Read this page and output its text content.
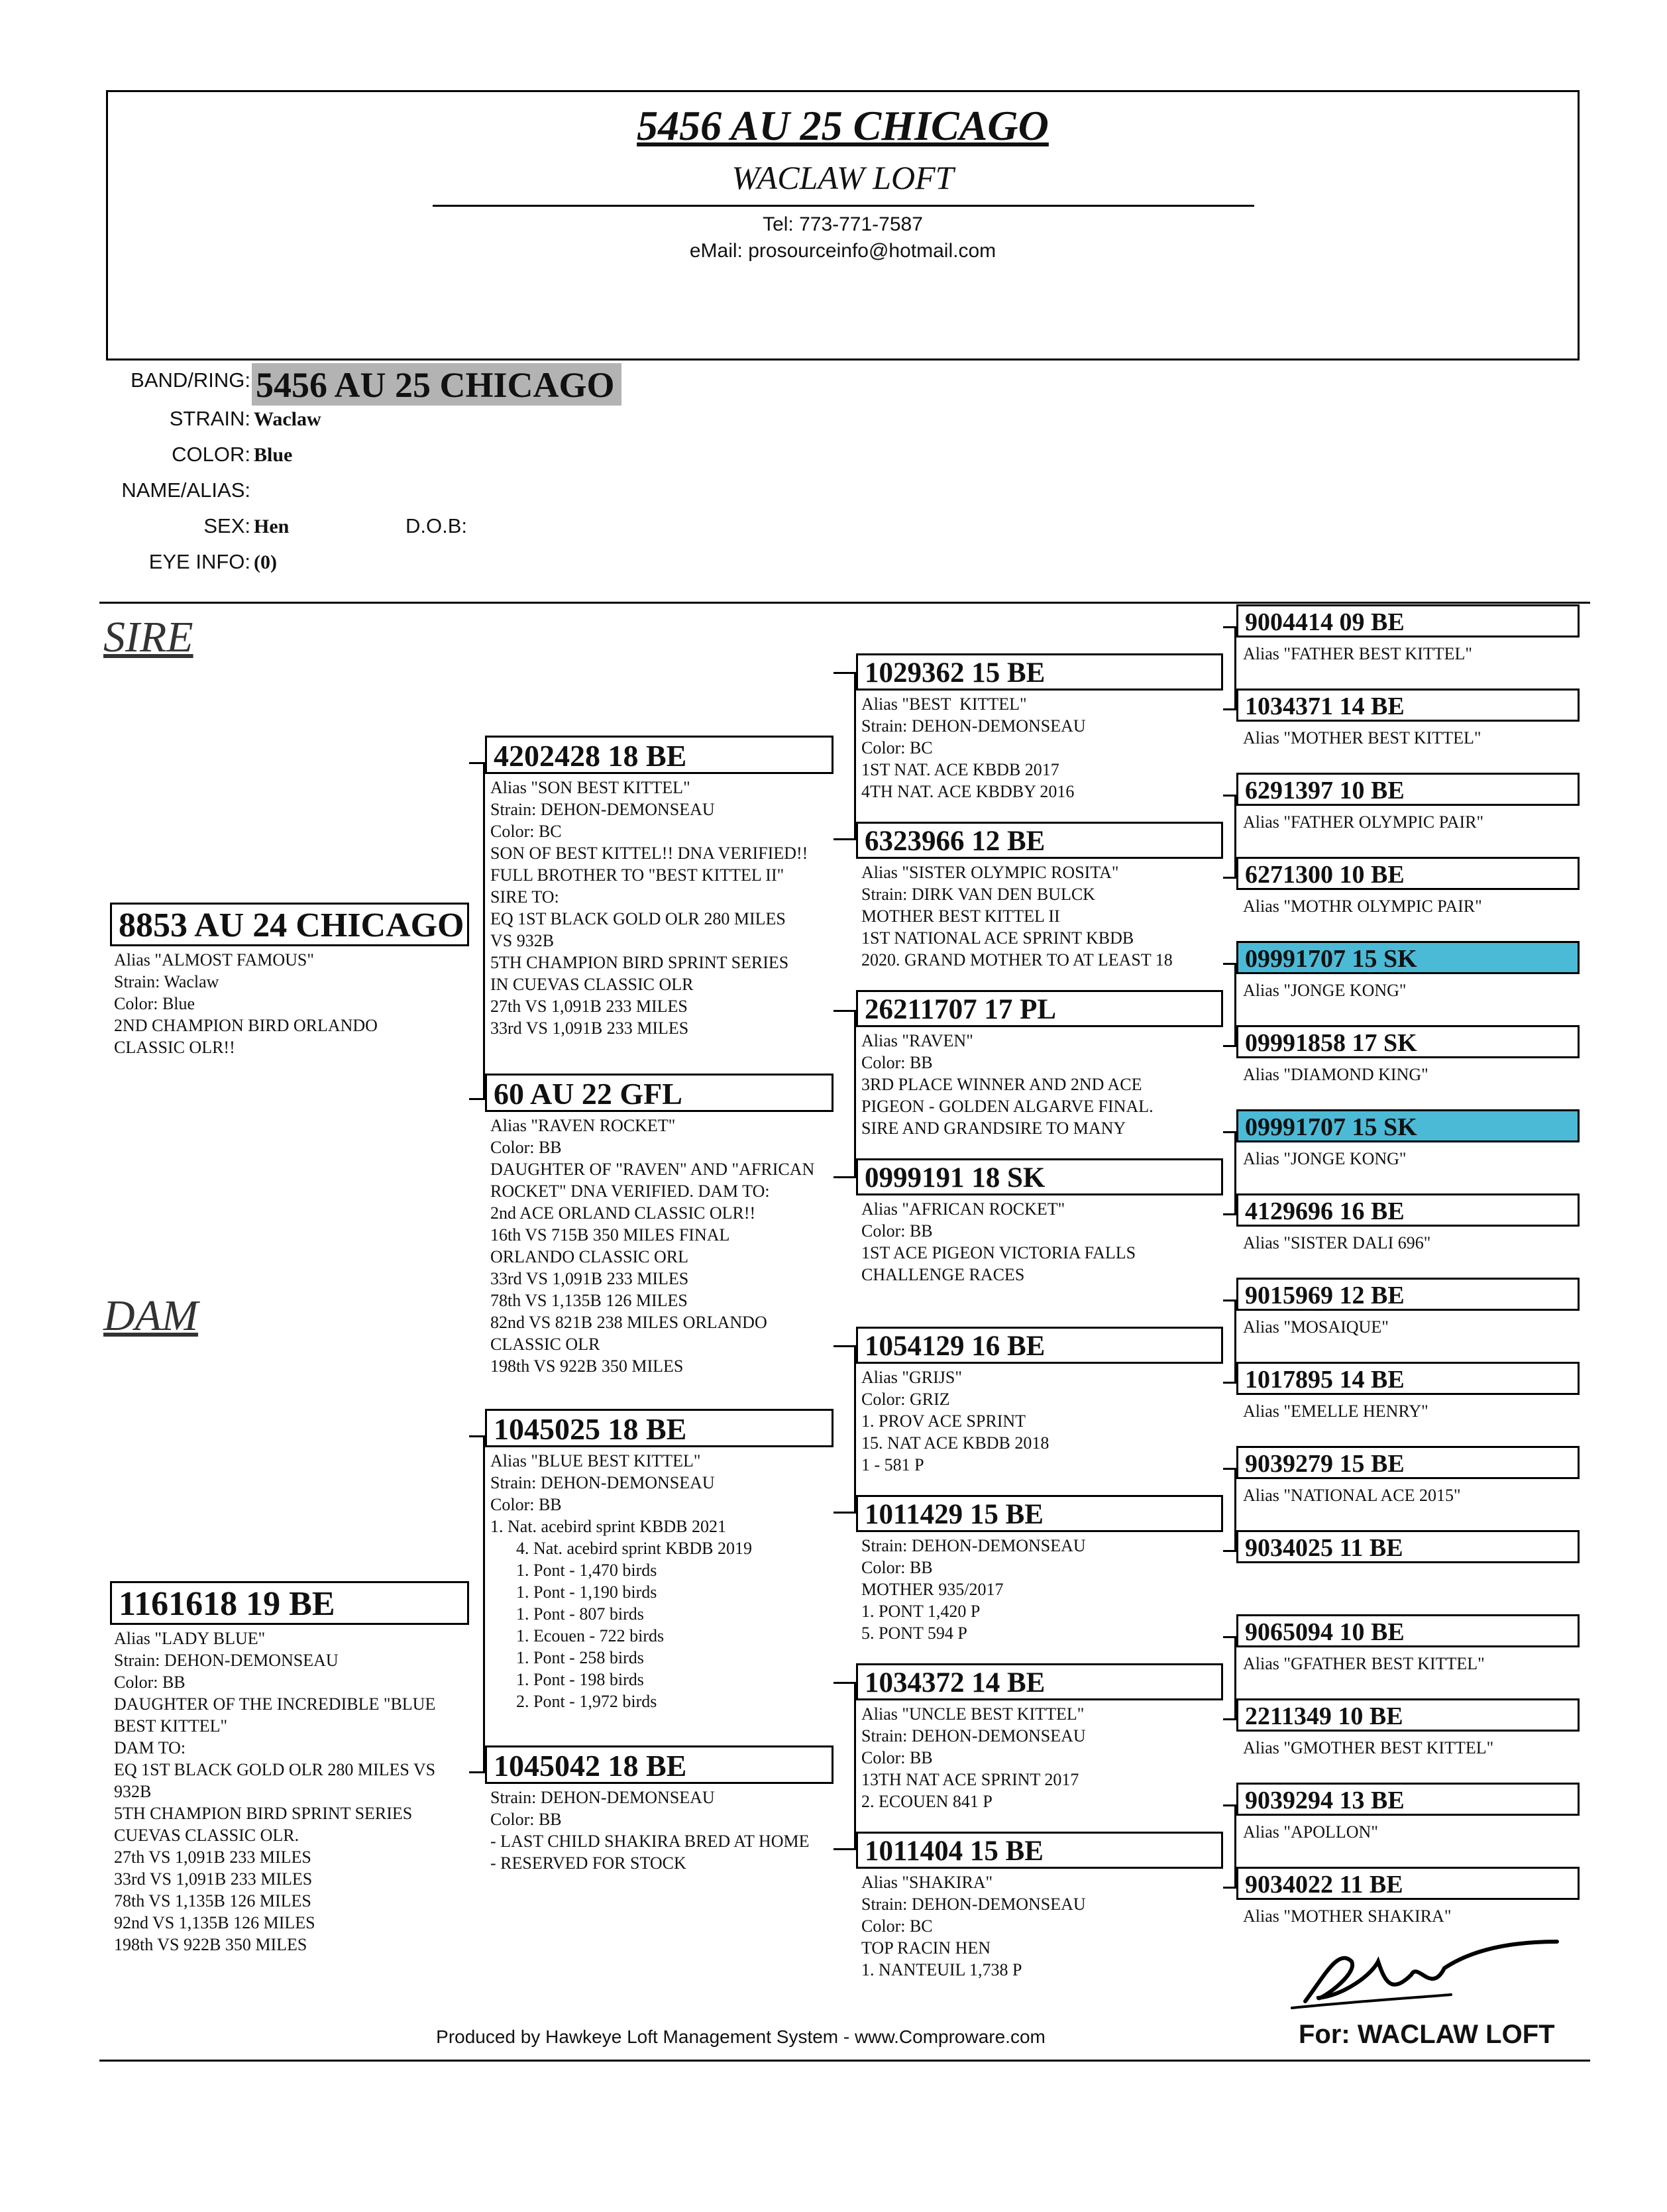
5456 AU 25 CHICAGO
WACLAW LOFT
Tel: 773-771-7587
eMail: prosourceinfo@hotmail.com
BAND/RING: 5456 AU 25 CHICAGO
STRAIN: Waclaw
COLOR: Blue
NAME/ALIAS:
SEX: Hen	D.O.B:
EYE INFO: (0)
SIRE
DAM
8853 AU 24 CHICAGO
Alias "ALMOST FAMOUS"
Strain: Waclaw
Color: Blue
2ND CHAMPION BIRD ORLANDO
CLASSIC OLR!!
1161618 19 BE
Alias "LADY BLUE"
Strain: DEHON-DEMONSEAU
Color: BB
DAUGHTER OF THE INCREDIBLE "BLUE
BEST KITTEL"
DAM TO:
EQ 1ST BLACK GOLD OLR 280 MILES VS
932B
5TH CHAMPION BIRD SPRINT SERIES
CUEVAS CLASSIC OLR.
27th VS 1,091B 233 MILES
33rd VS 1,091B 233 MILES
78th VS 1,135B 126 MILES
92nd VS 1,135B 126 MILES
198th VS 922B 350 MILES
4202428 18 BE
Alias "SON BEST KITTEL"
Strain: DEHON-DEMONSEAU
Color: BC
SON OF BEST KITTEL!! DNA VERIFIED!!
FULL BROTHER TO "BEST KITTEL II"
SIRE TO:
EQ 1ST BLACK GOLD OLR 280 MILES
VS 932B
5TH CHAMPION BIRD SPRINT SERIES
IN CUEVAS CLASSIC OLR
27th VS 1,091B 233 MILES
33rd VS 1,091B 233 MILES
60 AU 22 GFL
Alias "RAVEN ROCKET"
Color: BB
DAUGHTER OF "RAVEN" AND "AFRICAN
ROCKET" DNA VERIFIED. DAM TO:
2nd ACE ORLAND CLASSIC OLR!!
16th VS 715B 350 MILES FINAL
ORLANDO CLASSIC ORL
33rd VS 1,091B 233 MILES
78th VS 1,135B 126 MILES
82nd VS 821B 238 MILES ORLANDO
CLASSIC OLR
198th VS 922B 350 MILES
1045025 18 BE
Alias "BLUE BEST KITTEL"
Strain: DEHON-DEMONSEAU
Color: BB
1. Nat. acebird sprint KBDB 2021
4. Nat. acebird sprint KBDB 2019
1. Pont - 1,470 birds
1. Pont - 1,190 birds
1. Pont - 807 birds
1. Ecouen - 722 birds
1. Pont - 258 birds
1. Pont - 198 birds
2. Pont - 1,972 birds
1045042 18 BE
Strain: DEHON-DEMONSEAU
Color: BB
- LAST CHILD SHAKIRA BRED AT HOME
- RESERVED FOR STOCK
1029362 15 BE
Alias "BEST  KITTEL"
Strain: DEHON-DEMONSEAU
Color: BC
1ST NAT. ACE KBDB 2017
4TH NAT. ACE KBDBY 2016
6323966 12 BE
Alias "SISTER OLYMPIC ROSITA"
Strain: DIRK VAN DEN BULCK
MOTHER BEST KITTEL II
1ST NATIONAL ACE SPRINT KBDB
2020. GRAND MOTHER TO AT LEAST 18
26211707 17 PL
Alias "RAVEN"
Color: BB
3RD PLACE WINNER AND 2ND ACE
PIGEON - GOLDEN ALGARVE FINAL.
SIRE AND GRANDSIRE TO MANY
0999191 18 SK
Alias "AFRICAN ROCKET"
Color: BB
1ST ACE PIGEON VICTORIA FALLS
CHALLENGE RACES
1054129 16 BE
Alias "GRIJS"
Color: GRIZ
1. PROV ACE SPRINT
15. NAT ACE KBDB 2018
1 - 581 P
1011429 15 BE
Strain: DEHON-DEMONSEAU
Color: BB
MOTHER 935/2017
1. PONT 1,420 P
5. PONT 594 P
1034372 14 BE
Alias "UNCLE BEST KITTEL"
Strain: DEHON-DEMONSEAU
Color: BB
13TH NAT ACE SPRINT 2017
2. ECOUEN 841 P
1011404 15 BE
Alias "SHAKIRA"
Strain: DEHON-DEMONSEAU
Color: BC
TOP RACIN HEN
1. NANTEUIL 1,738 P
9004414 09 BE
Alias "FATHER BEST KITTEL"
1034371 14 BE
Alias "MOTHER BEST KITTEL"
6291397 10 BE
Alias "FATHER OLYMPIC PAIR"
6271300 10 BE
Alias "MOTHR OLYMPIC PAIR"
09991707 15 SK
Alias "JONGE KONG"
09991858 17 SK
Alias "DIAMOND KING"
09991707 15 SK
Alias "JONGE KONG"
4129696 16 BE
Alias "SISTER DALI 696"
9015969 12 BE
Alias "MOSAIQUE"
1017895 14 BE
Alias "EMELLE HENRY"
9039279 15 BE
Alias "NATIONAL ACE 2015"
9034025 11 BE
9065094 10 BE
Alias "GFATHER BEST KITTEL"
2211349 10 BE
Alias "GMOTHER BEST KITTEL"
9039294 13 BE
Alias "APOLLON"
9034022 11 BE
Alias "MOTHER SHAKIRA"
Produced by Hawkeye Loft Management System - www.Comproware.com	For: WACLAW LOFT
